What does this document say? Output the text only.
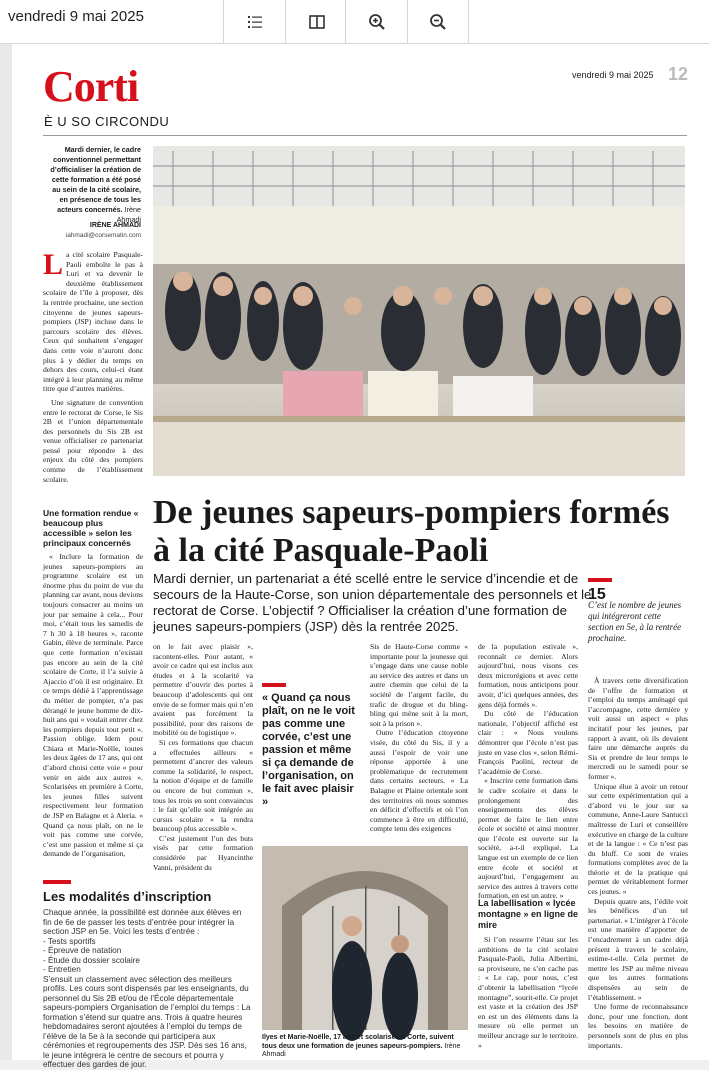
vendredi 9 mai 2025
Corti
È U SO CIRCONDU
vendredi 9 mai 2025 12
Mardi dernier, le cadre conventionnel permettant d’officialiser la création de cette formation a été posé au sein de la cité scolaire, en présence de tous les acteurs concernés. Irène Ahmadi
IRÈNE AHMADI
iahmadi@corsematin.com
La cité scolaire Pasquale-Paoli emboîte le pas à Luri et va devenir le deuxième établissement scolaire de l’île à proposer, dès la rentrée prochaine, une section citoyenne de jeunes sapeurs-pompiers (JSP) incluse dans le parcours scolaire des élèves. Ceux qui souhaitent s’engager dans cette voie n’auront donc plus à y dédier du temps en dehors des cours, celui-ci étant intégré à leur planning au même titre que d’autres matières.

Une signature de convention entre le rectorat de Corse, le Sis 2B et l’union départementale des personnels du Sis 2B est venue officialiser ce partenariat pensé pour répondre à des enjeux du côté des pompiers comme de l’établissement scolaire.

De jeunes sapeurs-pompiers formés à la cité Pasquale-Paoli
Mardi dernier, un partenariat a été scellé entre le service d’incendie et de secours de la Haute-Corse, son union départementale des personnels et le rectorat de Corse. L’objectif ? Officialiser la création d’une formation de jeunes sapeurs-pompiers (JSP) dès la rentrée 2025.
Une formation rendue « beaucoup plus accessible » selon les principaux concernés

« Inclure la formation de jeunes sapeurs-pompiers au programme scolaire est un énorme plus du point de vue du planning car avant, nous devions toujours consacrer au moins un jour par semaine à cela... Pour moi, c’était tous les samedis de 7 h 30 à 18 heures », raconte Gabin, élève de terminale. Parce que cette formation n’existait pas encore au sein de la cité scolaire de Corte, il l’a suivie à Ajaccio d’où il est originaire. Et ce temps dédié à l’apprentissage du métier de pompier, n’a pas dérangé le jeune homme de dix-huit ans qui « voulait entrer chez les pompiers depuis tout petit ». Passion oblige. Idem pour Chiara et Marie-Noëlle, toutes les deux âgées de 17 ans, qui ont d’abord choisi cette voie « pour venir en aide aux autres ». Scolarisées en première à Corte, les jeunes filles suivent respectivement leur formation de JSP en Balagne et à Aleria. « Quand ça nous plaît, on ne le voit pas comme une corvée, c’est une passion et même si ça demande de l’organisation,

Les modalités d’inscription

Chaque année, la possibilité est donnée aux élèves en fin de 6e de passer les tests d’entrée pour intégrer la section JSP en 5e. Voici les tests d’entrée :

- Tests sportifs

- Épreuve de natation

- Étude du dossier scolaire

- Entretien

S’ensuit un classement avec sélection des meilleurs profils. Les cours sont dispensés par les enseignants, du personnel du Sis 2B et/ou de l’École départementale sapeurs-pompiers Organisation de l’emploi du temps : La formation s’étend sur quatre ans. Trois à quatre heures hebdomadaires seront ajoutées à l’emploi du temps de l’élève de la 5e à la seconde qui participera aux cérémonies et regroupements des JSP. Dès ses 16 ans, le jeune intégrera le centre de secours et pourra y effectuer des gardes de jour.

on le fait avec plaisir », racontent-elles. Pour autant, « avoir ce cadre qui est inclus aux études et à la scolarité va permettre d’ouvrir des portes à beaucoup d’adolescents qui ont envie de se former mais qui n’en avaient pas forcément la possibilité, pour des raisons de mobilité ou de logistique ».

Si ces formations que chacun a effectuées ailleurs « permettent d’ancrer des valeurs comme la solidarité, le respect, la notion d’équipe et de famille ou encore de but commun », tous les trois en sont convaincus : le fait qu’elle soit intégrée au cursus scolaire « la rendra beaucoup plus accessible ».

C’est justement l’un des buts visés par cette formation considérée par Hyancinthe Vanni, président du

« Quand ça nous plaît, on ne le voit pas comme une corvée, c’est une passion et même si ça demande de l’organisation, on le fait avec plaisir »

Sis de Haute-Corse comme « importante pour la jeunesse qui s’engage dans une cause noble au service des autres et dans un autre chemin que celui de la société de l’argent facile, du trafic de drogue et du bling-bling qui mène soit à la mort, soit à la prison ».

Outre l’éducation citoyenne visée, du côté du Sis, il y a aussi l’espoir de voir une réponse apportée à une problématique de recrutement dans certains secteurs. « La Balagne et Plaine orientale sont des territoires où nous sommes en déficit d’effectifs et où l’on commence à être en difficulté, compte tenu des exigences

Ilyes et Marie-Noëlle, 17 ans et scolarisés à Corte, suivent tous deux une formation de jeunes sapeurs-pompiers. Irène Ahmadi

de la population estivale », reconnaît ce dernier. Alors aujourd’hui, nous visons ces deux microrégions et avec cette formation, nous anticipons pour avoir, d’ici quelques années, des gens déjà formés ».

Du côté de l’éducation nationale, l’objectif affiché est clair : « Nous voulons démontrer que l’école n’est pas juste en vase clos », selon Rémi-François Paolini, recteur de l’académie de Corse.

« Inscrire cette formation dans le cadre scolaire et dans le prolongement des enseignements des élèves permet de faire le lien entre école et société et ainsi montrer que l’école est ouverte sur la société, a-t-il expliqué. La langue est un exemple de ce lien entre école et société et aujourd’hui, l’engagement au service des autres à travers cette formation, en est un autre. »

La labellisation « lycée montagne » en ligne de mire

Si l’on resserre l’étau sur les ambitions de la cité scolaire Pasquale-Paoli, Julia Albertini, sa proviseure, ne s’en cache pas : « Le cap, pour nous, c’est d’obtenir la labellisation “lycée montagne”, sourit-elle. Ce projet est vaste et la création des JSP en est un des éléments dans la mesure où elle permet un meilleur ancrage sur le territoire. »

15
C’est le nombre de jeunes qui intégreront cette section en 5e, à la rentrée prochaine.

À travers cette diversification de l’offre de formation et l’emploi du temps aménagé qui l’accompagne, cette dernière y voit aussi un aspect « plus incitatif pour les jeunes, par rapport à avant, où ils devaient faire une démarche auprès du Sis et prendre de leur temps le mercredi ou le samedi pour se former ».

Unique élue à avoir un retour sur cette expérimentation qui a d’abord vu le jour sur sa commune, Anne-Laure Santucci maîtresse de Luri et conseillère exécutive en charge de la culture et de la langue : « Ce n’est pas du bluff. Ce sont de vraies formations complètes avec de la théorie et de la pratique qui permet de véritablement former ces jeunes. »

Depuis quatre ans, l’édile voit les bénéfices d’un tel partenariat. « L’intégrer à l’école est une manière d’apporter de l’encadrement à un cadre déjà présent à travers le scolaire, estime-t-elle. Cela permet de mettre les JSP au même niveau que les autres formations dispensées au sein de l’établissement. »

Une forme de reconnaissance donc, pour une fonction, dont les besoins en matière de personnels sont de plus en plus importants.
